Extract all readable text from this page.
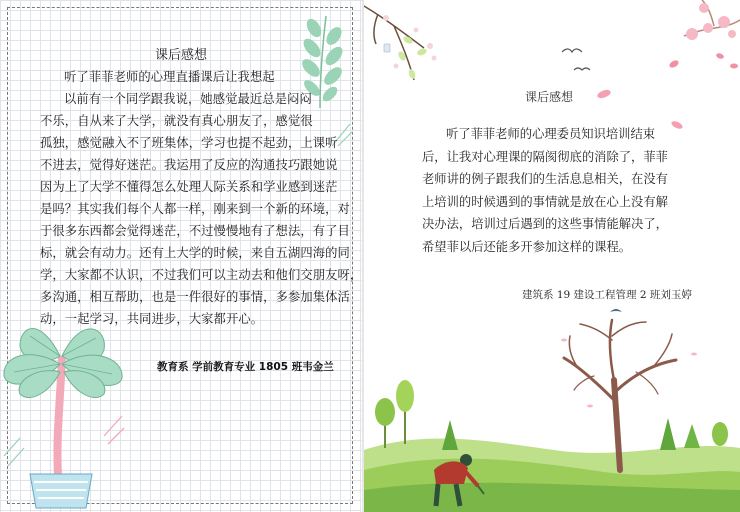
课后感想
听了菲菲老师的心理直播课后让我想起
以前有一个同学跟我说，她感觉最近总是闷闷
不乐，自从来了大学，就没有真心朋友了，感觉很
孤独，感觉融入不了班集体，学习也提不起劲，上课听
不进去，觉得好迷茫。我运用了反应的沟通技巧跟她说
因为上了大学不懂得怎么处理人际关系和学业感到迷茫
是吗？其实我们每个人都一样，刚来到一个新的环境，对
于很多东西都会觉得迷茫，不过慢慢地有了想法，有了目
标，就会有动力。还有上大学的时候，来自五湖四海的同
学，大家都不认识，不过我们可以主动去和他们交朋友呀，
多沟通，相互帮助，也是一件很好的事情，多参加集体活
动，一起学习，共同进步，大家都开心。
教育系 学前教育专业 1805 班韦金兰
课后感想
听了菲菲老师的心理委员知识培训结束
后，让我对心理课的隔阂彻底的消除了，菲菲
老师讲的例子跟我们的生活息息相关，在没有
上培训的时候遇到的事情就是放在心上没有解
决办法，培训过后遇到的这些事情能解决了，
希望菲以后还能多开参加这样的课程。
建筑系 19 建设工程管理 2 班刘玉婷
